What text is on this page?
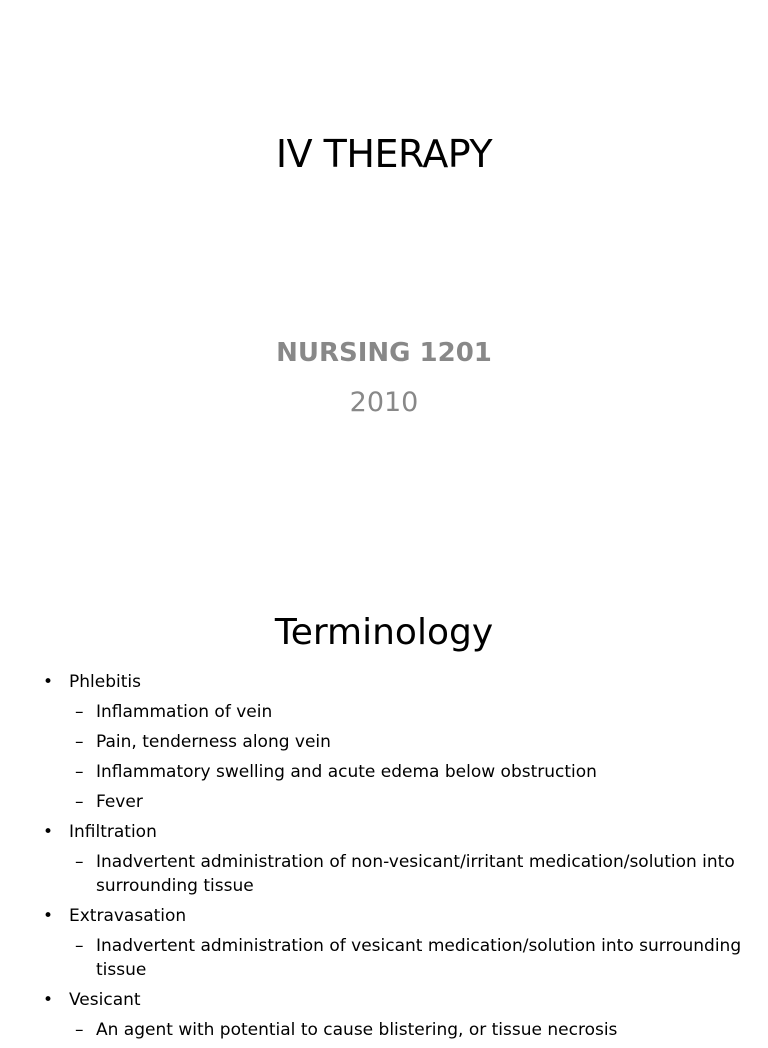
IV THERAPY
NURSING 1201
2010
Terminology
• Phlebitis
– Inflammation of vein
– Pain, tenderness along vein
– Inflammatory swelling and acute edema below obstruction
– Fever
• Infiltration
– Inadvertent administration of non-vesicant/irritant medication/solution into surrounding tissue
• Extravasation
– Inadvertent administration of vesicant medication/solution into surrounding tissue
• Vesicant
– An agent with potential to cause blistering, or tissue necrosis
